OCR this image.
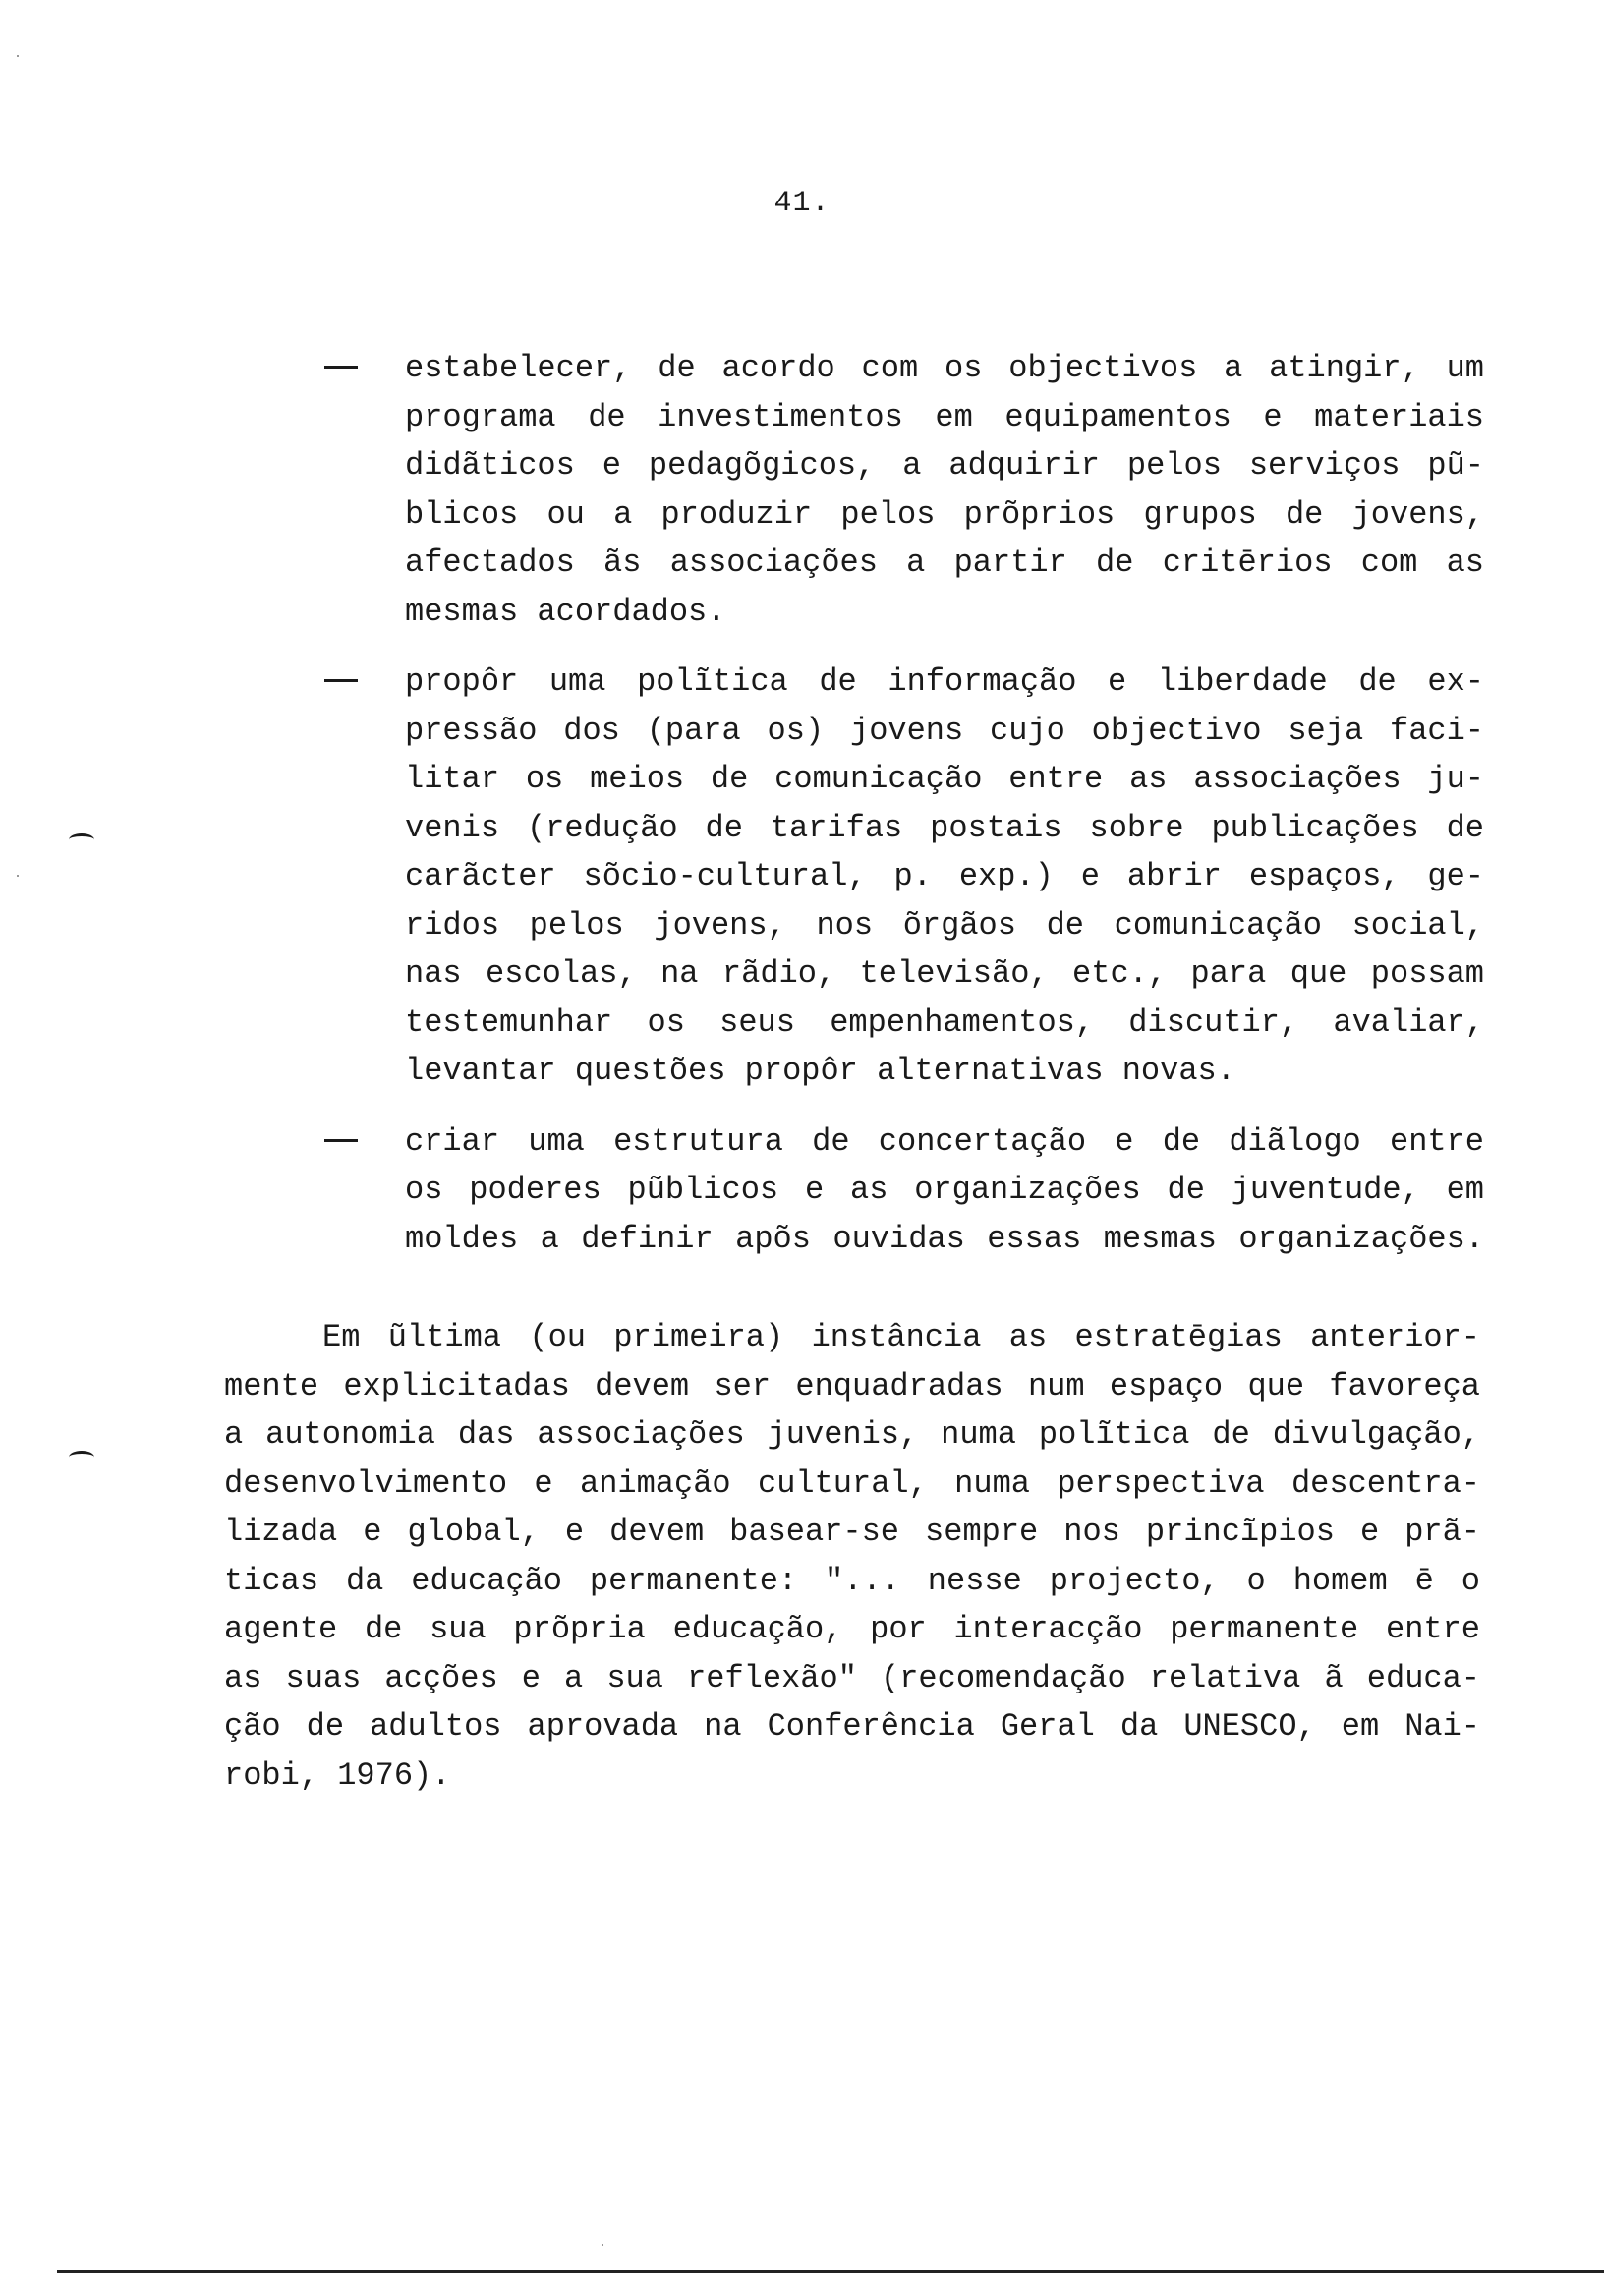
41.
estabelecer, de acordo com os objectivos a atingir, um
programa de investimentos em equipamentos e materiais
didãticos e pedagõgicos, a adquirir pelos serviços pũ-
blicos ou a produzir pelos prõprios grupos de jovens,
afectados ãs associações a partir de critērios com as
mesmas acordados.
propôr uma polĩtica de informação e liberdade de ex-
pressão dos (para os) jovens cujo objectivo seja faci-
litar os meios de comunicação entre as associações ju-
venis (redução de tarifas postais sobre publicações de
carãcter sõcio-cultural, p. exp.) e abrir espaços, ge-
ridos pelos jovens, nos õrgãos de comunicação social,
nas escolas, na rãdio, televisão, etc., para que possam
testemunhar os seus empenhamentos, discutir, avaliar,
levantar questões propôr alternativas novas.
criar uma estrutura de concertação e de diãlogo entre
os poderes pũblicos e as organizações de juventude, em
moldes a definir apõs ouvidas essas mesmas organizações.
Em ũltima (ou primeira) instância as estratēgias anterior-
mente explicitadas devem ser enquadradas num espaço que favoreça
a autonomia das associações juvenis, numa polĩtica de divulgação,
desenvolvimento e animação cultural, numa perspectiva descentra-
lizada e global, e devem basear-se sempre nos princĩpios e prã-
ticas da educação permanente: "... nesse projecto, o homem ē o
agente de sua prõpria educação, por interacção permanente entre
as suas acções e a sua reflexão" (recomendação relativa ã educa-
ção de adultos aprovada na Conferência Geral da UNESCO, em Nai-
robi, 1976).
